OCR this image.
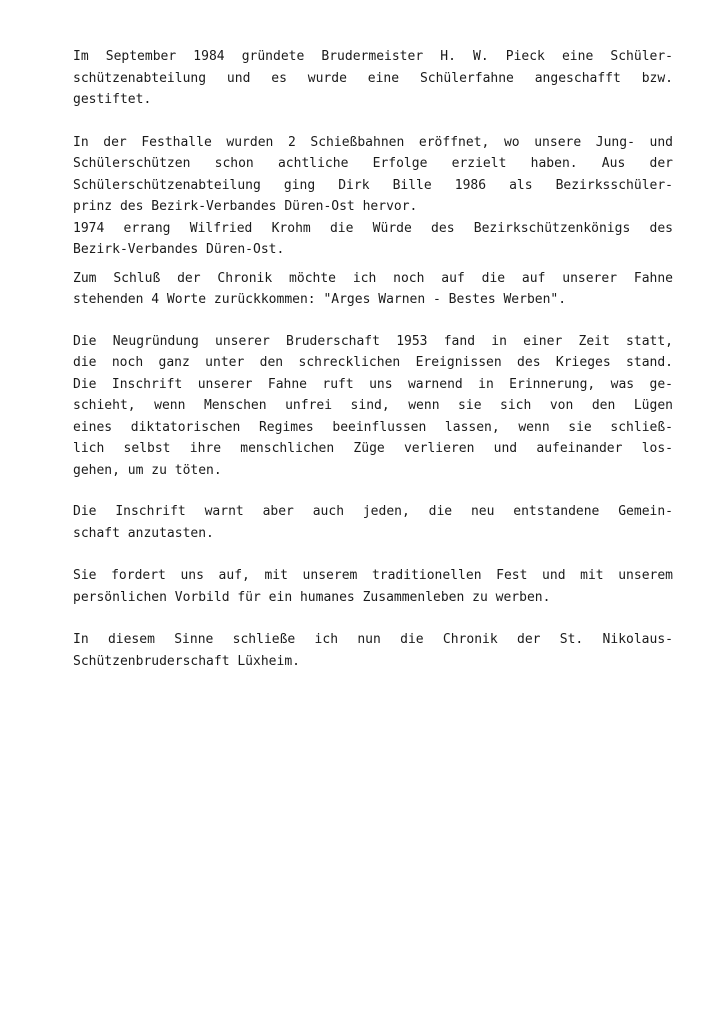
Im September 1984 gründete Brudermeister H. W. Pieck eine Schüler-
schützenabteilung und es wurde eine Schülerfahne angeschafft bzw.
gestiftet.
In der Festhalle wurden 2 Schießbahnen eröffnet, wo unsere Jung- und
Schülerschützen schon achtliche Erfolge erzielt haben. Aus der
Schülerschützenabteilung ging Dirk Bille 1986 als Bezirksschüler-
prinz des Bezirk-Verbandes Düren-Ost hervor.
1974 errang Wilfried Krohm die Würde des Bezirkschützenkönigs des
Bezirk-Verbandes Düren-Ost.
Zum Schluß der Chronik möchte ich noch auf die auf unserer Fahne
stehenden 4 Worte zurückkommen: "Arges Warnen - Bestes Werben".
Die Neugründung unserer Bruderschaft 1953 fand in einer Zeit statt,
die noch ganz unter den schrecklichen Ereignissen des Krieges stand.
Die Inschrift unserer Fahne ruft uns warnend in Erinnerung, was ge-
schieht, wenn Menschen unfrei sind, wenn sie sich von den Lügen
eines diktatorischen Regimes beeinflussen lassen, wenn sie schließ-
lich selbst ihre menschlichen Züge verlieren und aufeinander los-
gehen, um zu töten.
Die Inschrift warnt aber auch jeden, die neu entstandene Gemein-
schaft anzutasten.
Sie fordert uns auf, mit unserem traditionellen Fest und mit unserem
persönlichen Vorbild für ein humanes Zusammenleben zu werben.
In diesem Sinne schließe ich nun die Chronik der St. Nikolaus-
Schützenbruderschaft Lüxheim.
